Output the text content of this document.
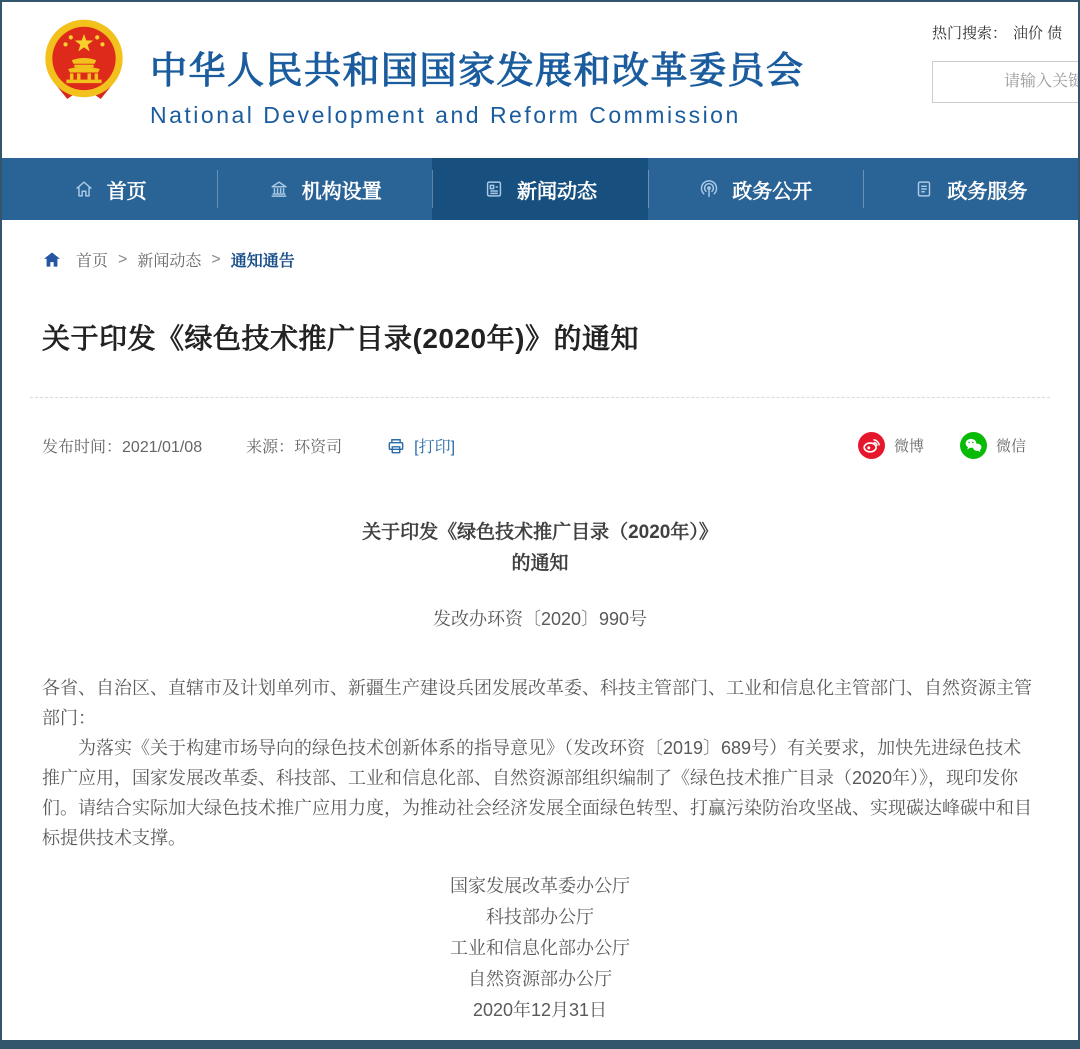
中华人民共和国国家发展和改革委员会
National Development and Reform Commission
热门搜索： 油价 债
请输入关键字
首页	机构设置	新闻动态	政务公开	政务服务
首页 > 新闻动态 > 通知通告
关于印发《绿色技术推广目录(2020年)》的通知
发布时间：2021/01/08	来源：环资司	[打印]	微博	微信
关于印发《绿色技术推广目录（2020年）》
的通知
发改办环资〔2020〕990号

各省、自治区、直辖市及计划单列市、新疆生产建设兵团发展改革委、科技主管部门、工业和信息化主管部门、自然资源主管部门：

为落实《关于构建市场导向的绿色技术创新体系的指导意见》（发改环资〔2019〕689号）有关要求，加快先进绿色技术推广应用，国家发展改革委、科技部、工业和信息化部、自然资源部组织编制了《绿色技术推广目录（2020年）》，现印发你们。请结合实际加大绿色技术推广应用力度，为推动社会经济发展全面绿色转型、打赢污染防治攻坚战、实现碳达峰碳中和目标提供技术支撑。

国家发展改革委办公厅
科技部办公厅
工业和信息化部办公厅
自然资源部办公厅
2020年12月31日
